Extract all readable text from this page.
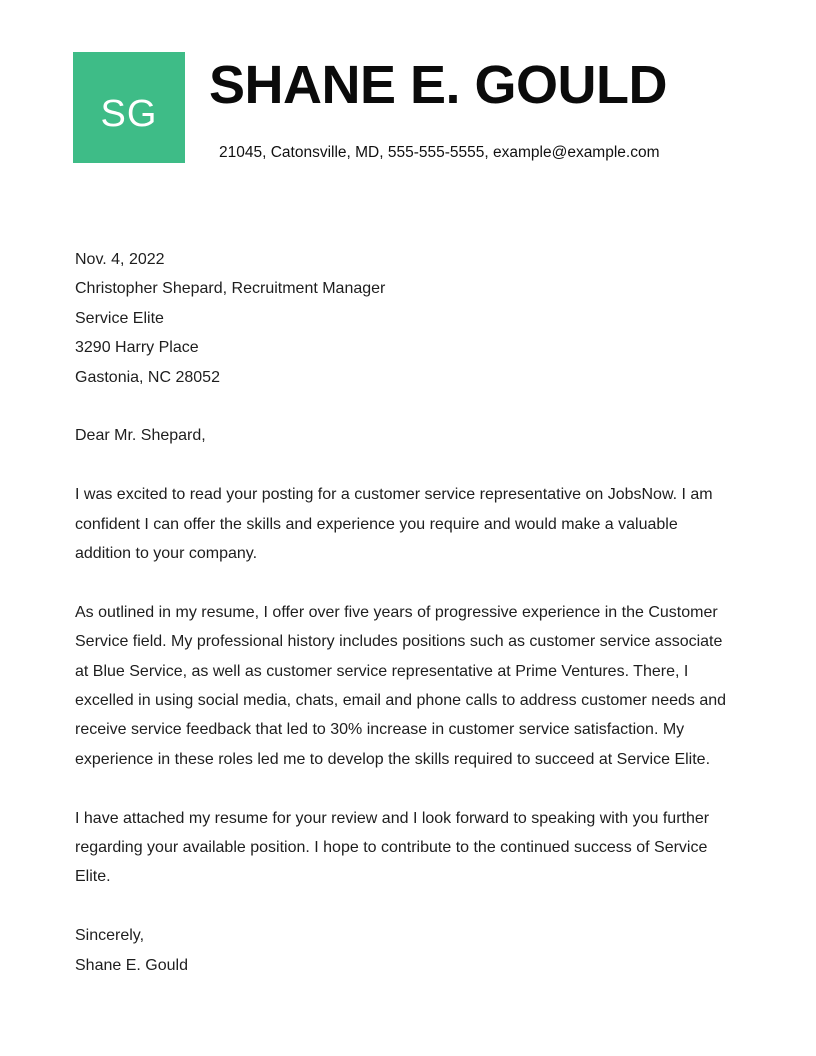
SG SHANE E. GOULD
21045, Catonsville, MD, 555-555-5555, example@example.com
Nov. 4, 2022
Christopher Shepard, Recruitment Manager
Service Elite
3290 Harry Place
Gastonia, NC 28052

Dear Mr. Shepard,

I was excited to read your posting for a customer service representative on JobsNow. I am confident I can offer the skills and experience you require and would make a valuable addition to your company.

As outlined in my resume, I offer over five years of progressive experience in the Customer Service field. My professional history includes positions such as customer service associate at Blue Service, as well as customer service representative at Prime Ventures. There, I excelled in using social media, chats, email and phone calls to address customer needs and receive service feedback that led to 30% increase in customer service satisfaction. My experience in these roles led me to develop the skills required to succeed at Service Elite.

I have attached my resume for your review and I look forward to speaking with you further regarding your available position. I hope to contribute to the continued success of Service Elite.

Sincerely,
Shane E. Gould
